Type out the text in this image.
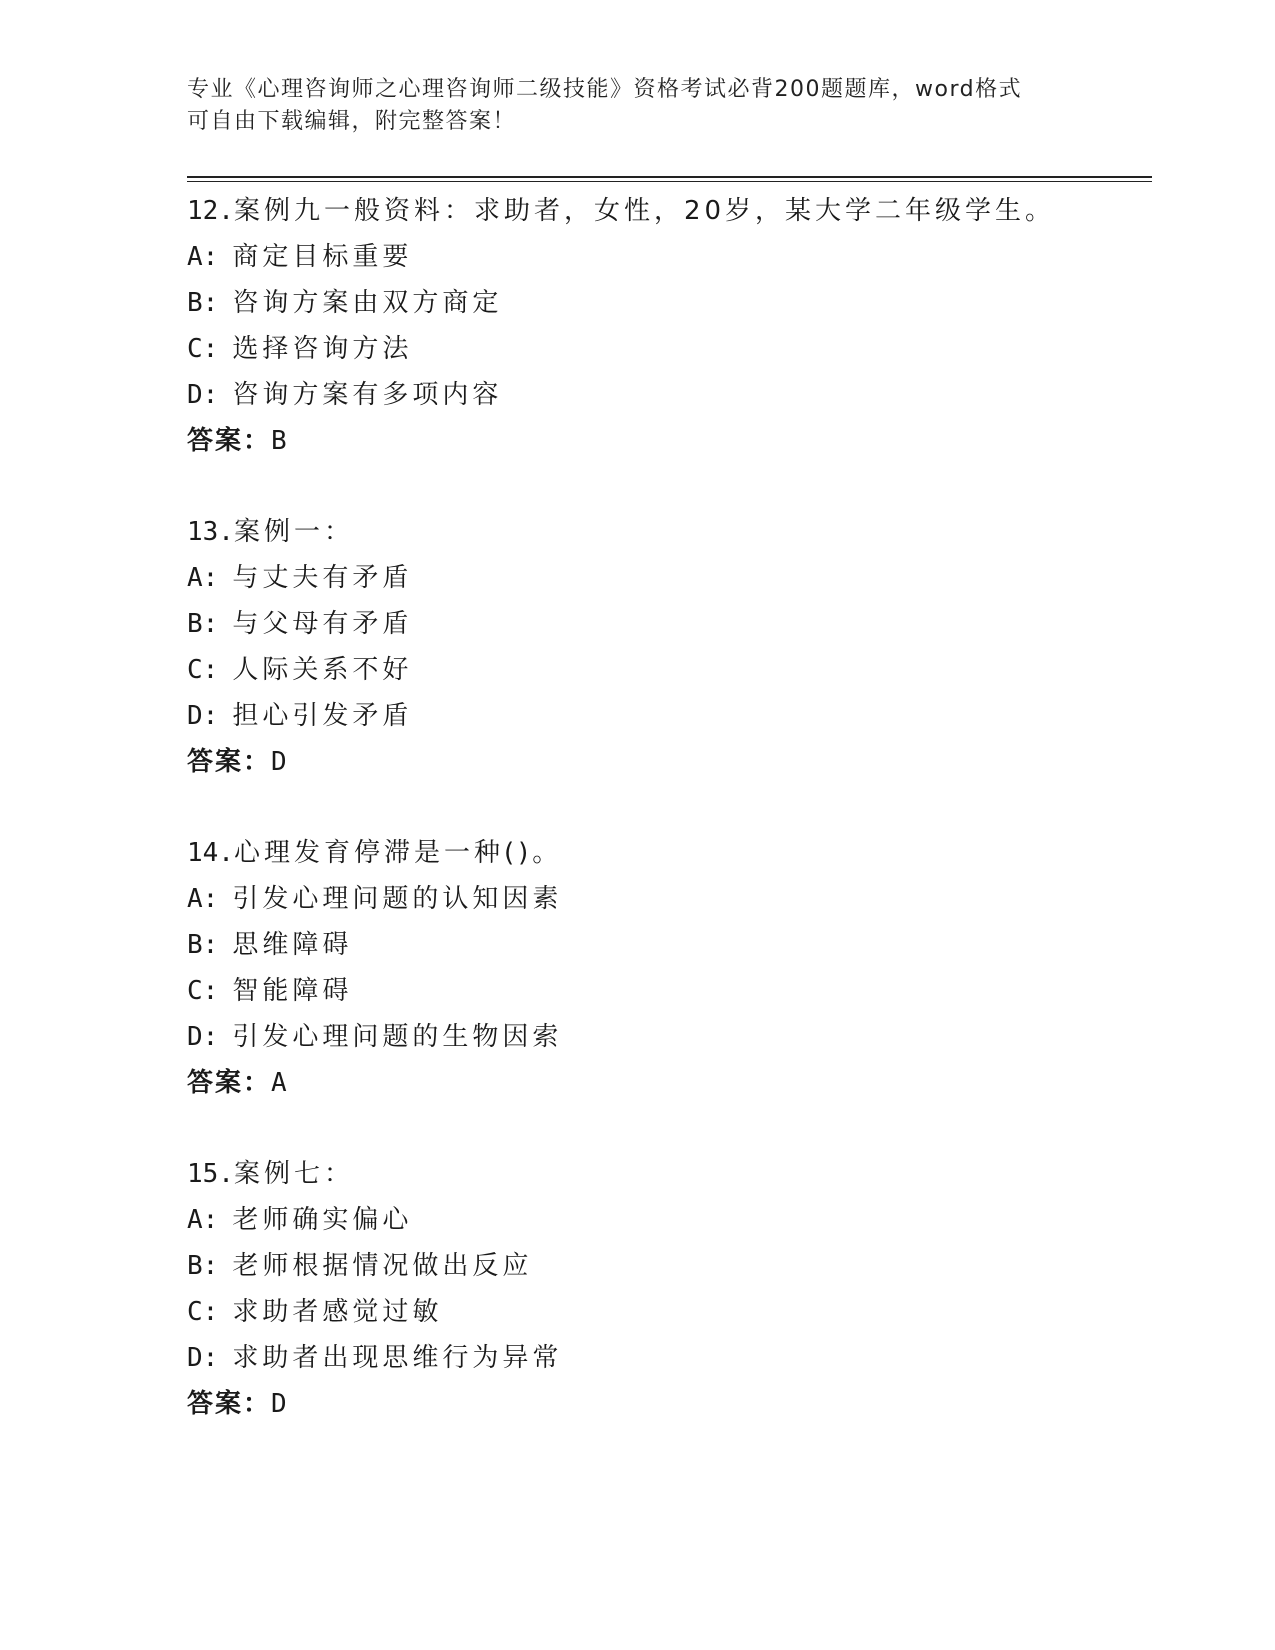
专业《心理咨询师之心理咨询师二级技能》资格考试必背200题题库，word格式
可自由下载编辑，附完整答案！
12.案例九一般资料：求助者，女性，20岁，某大学二年级学生。
A: 商定目标重要
B: 咨询方案由双方商定
C: 选择咨询方法
D: 咨询方案有多项内容
答案：B
13.案例一：
A: 与丈夫有矛盾
B: 与父母有矛盾
C: 人际关系不好
D: 担心引发矛盾
答案：D
14.心理发育停滞是一种()。
A: 引发心理问题的认知因素
B: 思维障碍
C: 智能障碍
D: 引发心理问题的生物因索
答案：A
15.案例七：
A: 老师确实偏心
B: 老师根据情况做出反应
C: 求助者感觉过敏
D: 求助者出现思维行为异常
答案：D
